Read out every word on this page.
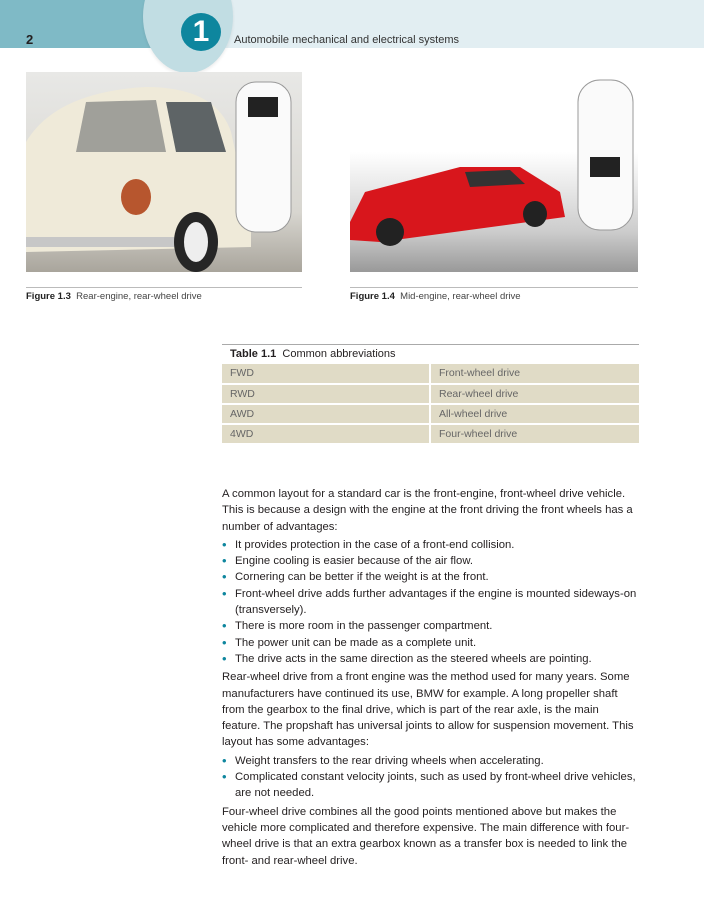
1
2	Automobile mechanical and electrical systems
Figure 1.3 Rear-engine, rear-wheel drive	Figure 1.4 Mid-engine, rear-wheel drive
Table 1.1 Common abbreviations	
FWD	Front-wheel drive
RWD	Rear-wheel drive
AWD	All-wheel drive
4WD	Four-wheel drive

A common layout for a standard car is the front-engine, front-wheel drive vehicle. This is because a design with the engine at the front driving the front wheels has a number of advantages:

• It provides protection in the case of a front-end collision.
• Engine cooling is easier because of the air flow.
• Cornering can be better if the weight is at the front.
• Front-wheel drive adds further advantages if the engine is mounted sideways-on (transversely).
• There is more room in the passenger compartment.
• The power unit can be made as a complete unit.
• The drive acts in the same direction as the steered wheels are pointing.

Rear-wheel drive from a front engine was the method used for many years. Some manufacturers have continued its use, BMW for example. A long propeller shaft from the gearbox to the final drive, which is part of the rear axle, is the main feature. The propshaft has universal joints to allow for suspension movement. This layout has some advantages:

• Weight transfers to the rear driving wheels when accelerating.
• Complicated constant velocity joints, such as used by front-wheel drive vehicles, are not needed.

Four-wheel drive combines all the good points mentioned above but makes the vehicle more complicated and therefore expensive. The main difference with four-wheel drive is that an extra gearbox known as a transfer box is needed to link the front- and rear-wheel drive.
